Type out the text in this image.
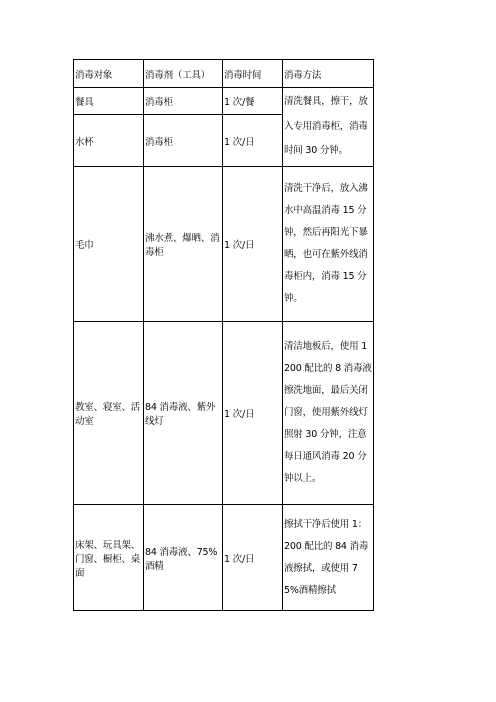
消毒对象	消毒剂（工具）	消毒时间	消毒方法
餐具	消毒柜	1 次/餐	清洗餐具，擦干，放入专用消毒柜，消毒时间 30 分钟。
水杯	消毒柜	1 次/日	
毛巾	沸水煮、爆晒、消毒柜	1 次/日	清洗干净后，放入沸水中高温消毒 15 分钟，然后再阳光下暴晒，也可在紫外线消毒柜内，消毒 15 分钟。
教室、寝室、活动室	84 消毒液、紫外线灯	1 次/日	清洁地板后，使用 1200 配比的 8 消毒液擦洗地面，最后关闭门窗，使用紫外线灯照射 30 分钟，注意每日通风消毒 20 分钟以上。
床架、玩具架、门窗、橱柜、桌面	84 消毒液、75%酒精	1 次/日	擦拭干净后使用 1：200 配比的 84 消毒液擦拭，或使用 75%酒精擦拭
